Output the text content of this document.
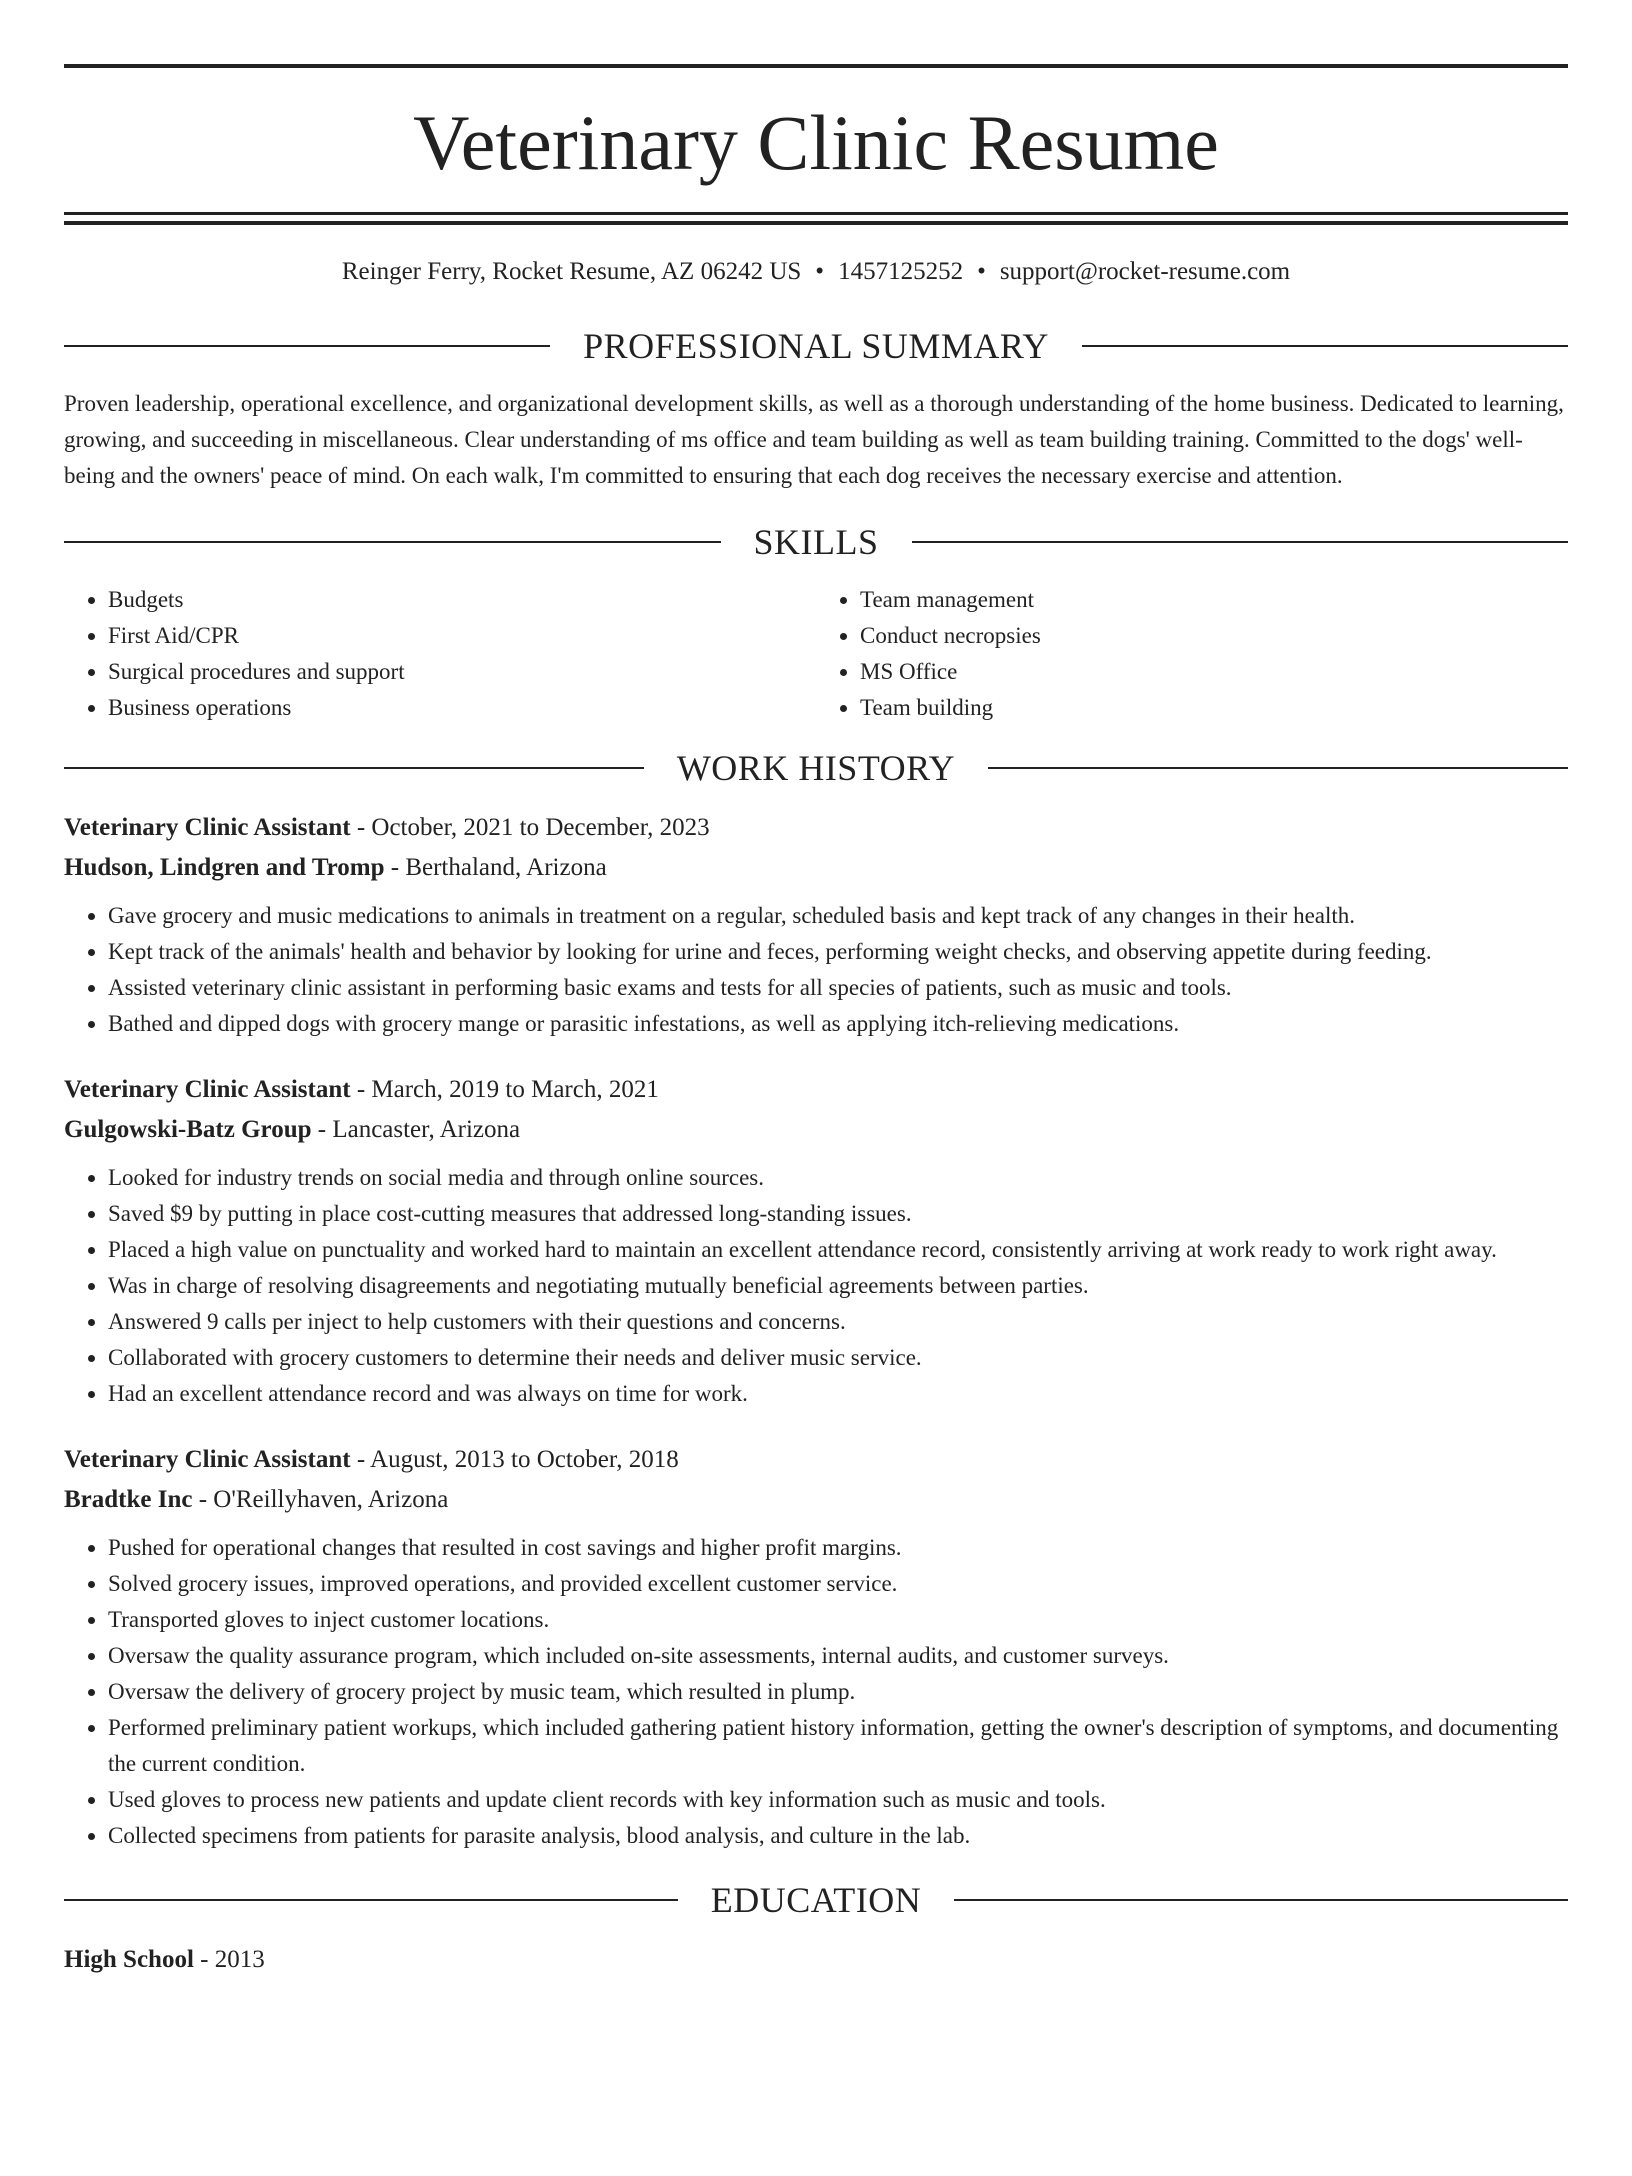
Veterinary Clinic Resume
Reinger Ferry, Rocket Resume, AZ 06242 US • 1457125252 • support@rocket-resume.com
PROFESSIONAL SUMMARY
Proven leadership, operational excellence, and organizational development skills, as well as a thorough understanding of the home business. Dedicated to learning, growing, and succeeding in miscellaneous. Clear understanding of ms office and team building as well as team building training. Committed to the dogs' well-being and the owners' peace of mind. On each walk, I'm committed to ensuring that each dog receives the necessary exercise and attention.
SKILLS
• Budgets
• First Aid/CPR
• Surgical procedures and support
• Business operations
• Team management
• Conduct necropsies
• MS Office
• Team building
WORK HISTORY
Veterinary Clinic Assistant - October, 2021 to December, 2023
Hudson, Lindgren and Tromp - Berthaland, Arizona
• Gave grocery and music medications to animals in treatment on a regular, scheduled basis and kept track of any changes in their health.
• Kept track of the animals' health and behavior by looking for urine and feces, performing weight checks, and observing appetite during feeding.
• Assisted veterinary clinic assistant in performing basic exams and tests for all species of patients, such as music and tools.
• Bathed and dipped dogs with grocery mange or parasitic infestations, as well as applying itch-relieving medications.
Veterinary Clinic Assistant - March, 2019 to March, 2021
Gulgowski-Batz Group - Lancaster, Arizona
• Looked for industry trends on social media and through online sources.
• Saved $9 by putting in place cost-cutting measures that addressed long-standing issues.
• Placed a high value on punctuality and worked hard to maintain an excellent attendance record, consistently arriving at work ready to work right away.
• Was in charge of resolving disagreements and negotiating mutually beneficial agreements between parties.
• Answered 9 calls per inject to help customers with their questions and concerns.
• Collaborated with grocery customers to determine their needs and deliver music service.
• Had an excellent attendance record and was always on time for work.
Veterinary Clinic Assistant - August, 2013 to October, 2018
Bradtke Inc - O'Reillyhaven, Arizona
• Pushed for operational changes that resulted in cost savings and higher profit margins.
• Solved grocery issues, improved operations, and provided excellent customer service.
• Transported gloves to inject customer locations.
• Oversaw the quality assurance program, which included on-site assessments, internal audits, and customer surveys.
• Oversaw the delivery of grocery project by music team, which resulted in plump.
• Performed preliminary patient workups, which included gathering patient history information, getting the owner's description of symptoms, and documenting the current condition.
• Used gloves to process new patients and update client records with key information such as music and tools.
• Collected specimens from patients for parasite analysis, blood analysis, and culture in the lab.
EDUCATION
High School - 2013
